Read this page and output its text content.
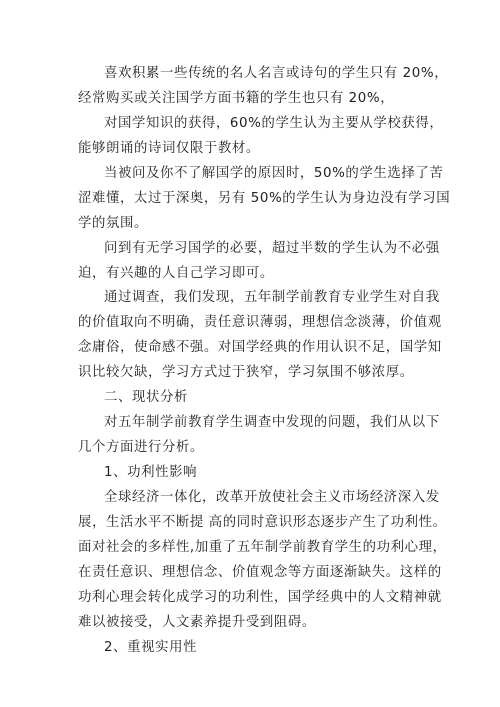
喜欢积累一些传统的名人名言或诗句的学生只有 20%，
经常购买或关注国学方面书籍的学生也只有 20%，
对国学知识的获得，60%的学生认为主要从学校获得，
能够朗诵的诗词仅限于教材。
当被问及你不了解国学的原因时，50%的学生选择了苦
涩难懂，太过于深奥，另有 50%的学生认为身边没有学习国
学的氛围。
问到有无学习国学的必要，超过半数的学生认为不必强
迫，有兴趣的人自己学习即可。
通过调查，我们发现，五年制学前教育专业学生对自我
的价值取向不明确，责任意识薄弱，理想信念淡薄，价值观
念庸俗，使命感不强。对国学经典的作用认识不足，国学知
识比较欠缺，学习方式过于狭窄，学习氛围不够浓厚。
二、现状分析
对五年制学前教育学生调查中发现的问题，我们从以下
几个方面进行分析。
1、功利性影响
全球经济一体化，改革开放使社会主义市场经济深入发
展，生活水平不断提 高的同时意识形态逐步产生了功利性。
面对社会的多样性,加重了五年制学前教育学生的功利心理，
在责任意识、理想信念、价值观念等方面逐渐缺失。这样的
功利心理会转化成学习的功利性，国学经典中的人文精神就
难以被接受，人文素养提升受到阻碍。
2、重视实用性
